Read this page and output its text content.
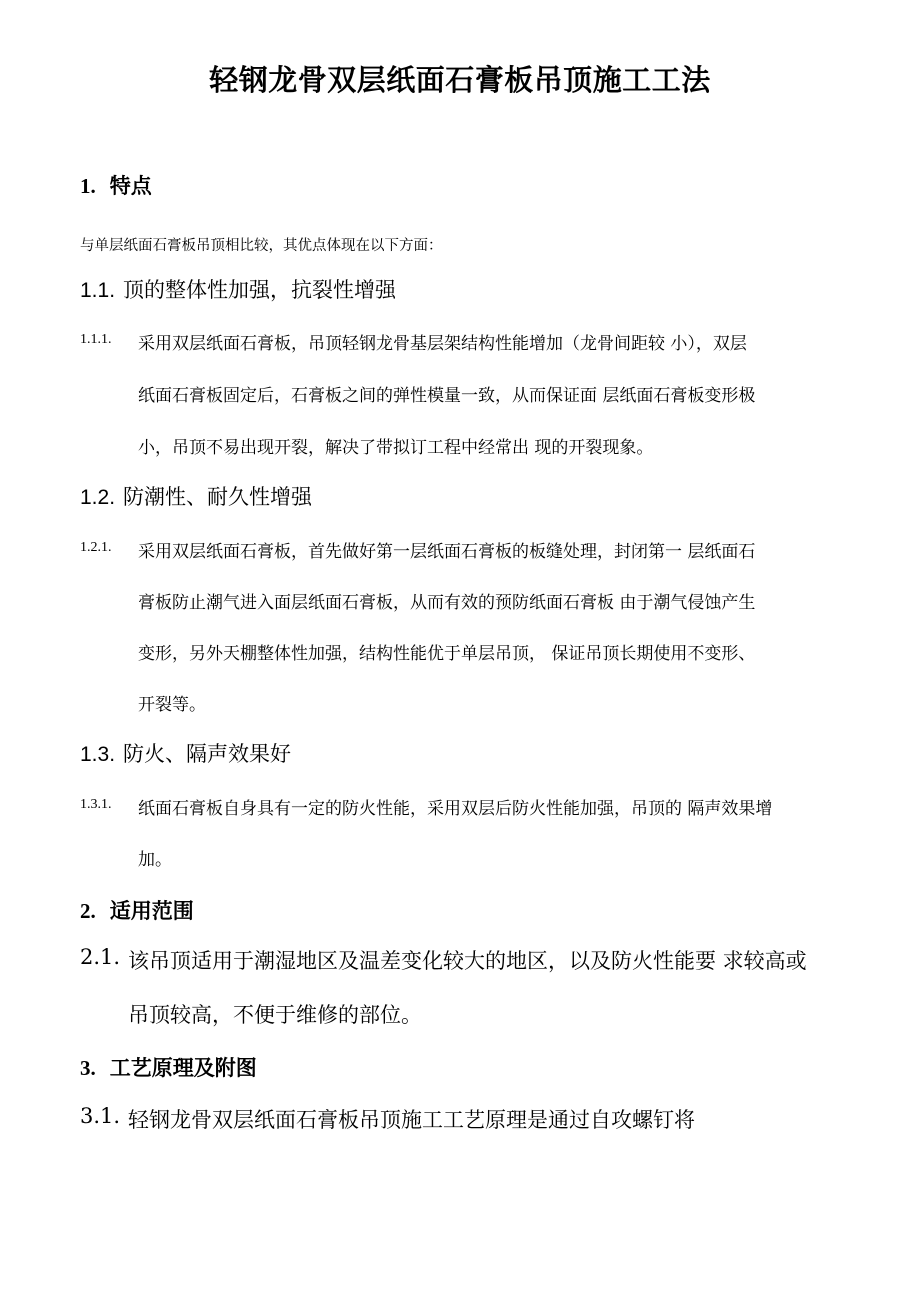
轻钢龙骨双层纸面石膏板吊顶施工工法
1. 特点
与单层纸面石膏板吊顶相比较，其优点体现在以下方面：
1.1. 顶的整体性加强，抗裂性增强
1.1.1. 采用双层纸面石膏板，吊顶轻钢龙骨基层架结构性能增加（龙骨间距较 小），双层
纸面石膏板固定后，石膏板之间的弹性模量一致，从而保证面 层纸面石膏板变形极
小，吊顶不易出现开裂，解决了带拟订工程中经常出 现的开裂现象。
1.2. 防潮性、耐久性增强
1.2.1. 采用双层纸面石膏板，首先做好第一层纸面石膏板的板缝处理，封闭第一 层纸面石
膏板防止潮气进入面层纸面石膏板，从而有效的预防纸面石膏板 由于潮气侵蚀产生
变形，另外天棚整体性加强，结构性能优于单层吊顶， 保证吊顶长期使用不变形、
开裂等。
1.3. 防火、隔声效果好
1.3.1. 纸面石膏板自身具有一定的防火性能，采用双层后防火性能加强，吊顶的 隔声效果增
加。
2. 适用范围
2.1. 该吊顶适用于潮湿地区及温差变化较大的地区，以及防火性能要 求较高或
吊顶较高，不便于维修的部位。
3. 工艺原理及附图
3.1. 轻钢龙骨双层纸面石膏板吊顶施工工艺原理是通过自攻螺钉将
